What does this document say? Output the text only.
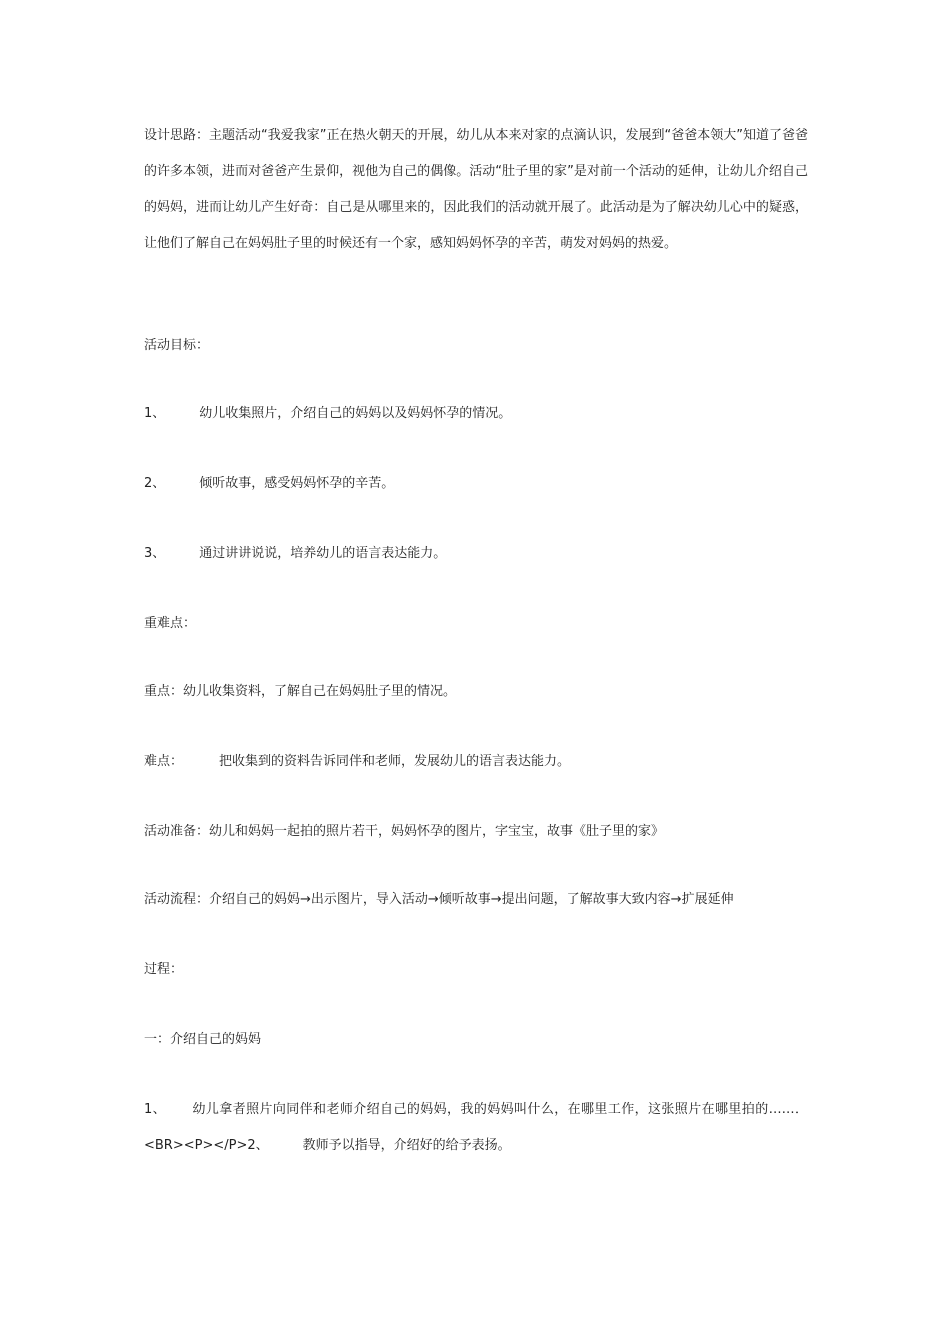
设计思路：主题活动“我爱我家”正在热火朝天的开展，幼儿从本来对家的点滴认识，发展到“爸爸本领大”知道了爸爸的许多本领，进而对爸爸产生景仰，视他为自己的偶像。活动“肚子里的家”是对前一个活动的延伸，让幼儿介绍自己的妈妈，进而让幼儿产生好奇：自己是从哪里来的，因此我们的活动就开展了。此活动是为了解决幼儿心中的疑惑，让他们了解自己在妈妈肚子里的时候还有一个家，感知妈妈怀孕的辛苦，萌发对妈妈的热爱。

活动目标：

1、	幼儿收集照片，介绍自己的妈妈以及妈妈怀孕的情况。

2、	倾听故事，感受妈妈怀孕的辛苦。

3、	通过讲讲说说，培养幼儿的语言表达能力。

重难点：

重点：幼儿收集资料，了解自己在妈妈肚子里的情况。

难点：	把收集到的资料告诉同伴和老师，发展幼儿的语言表达能力。

活动准备：幼儿和妈妈一起拍的照片若干，妈妈怀孕的图片，字宝宝，故事《肚子里的家》

活动流程：介绍自己的妈妈→出示图片，导入活动→倾听故事→提出问题，了解故事大致内容→扩展延伸

过程：

一：介绍自己的妈妈

1、 幼儿拿者照片向同伴和老师介绍自己的妈妈，我的妈妈叫什么，在哪里工作，这张照片在哪里拍的……．<BR><P></P>2、	教师予以指导，介绍好的给予表扬。
